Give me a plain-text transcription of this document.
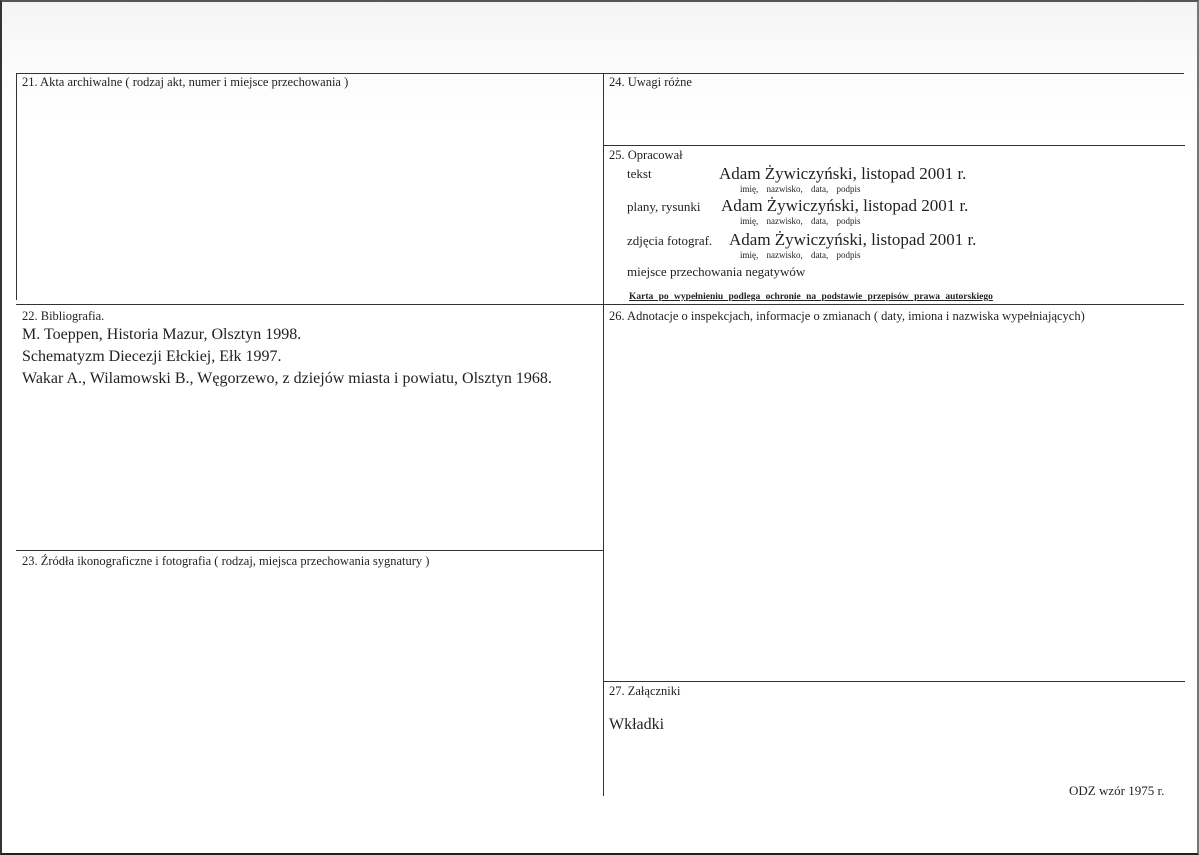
21. Akta archiwalne ( rodzaj akt, numer i miejsce przechowania )	24. Uwagi różne
25. Opracował
tekst	Adam Żywiczyński, listopad 2001 r.
imię, nazwisko, data, podpis
plany, rysunki Adam Żywiczyński, listopad 2001 r.
imię, nazwisko, data, podpis
zdjęcia fotograf. Adam Żywiczyński, listopad 2001 r.
imię, nazwisko, data, podpis
miejsce przechowania negatywów
Karta po wypełnieniu podlega ochronie na podstawie przepisów prawa autorskiego
22. Bibliografia.
M. Toeppen, Historia Mazur, Olsztyn 1998.
Schematyzm Diecezji Ełckiej, Ełk 1997.
Wakar A., Wilamowski B., Węgorzewo, z dziejów miasta i powiatu, Olsztyn 1968.
26. Adnotacje o inspekcjach, informacje o zmianach ( daty, imiona i nazwiska wypełniających)
23. Źródła ikonograficzne i fotografia ( rodzaj, miejsca przechowania sygnatury )
27. Załączniki
Wkładki
ODZ wzór 1975 r.
